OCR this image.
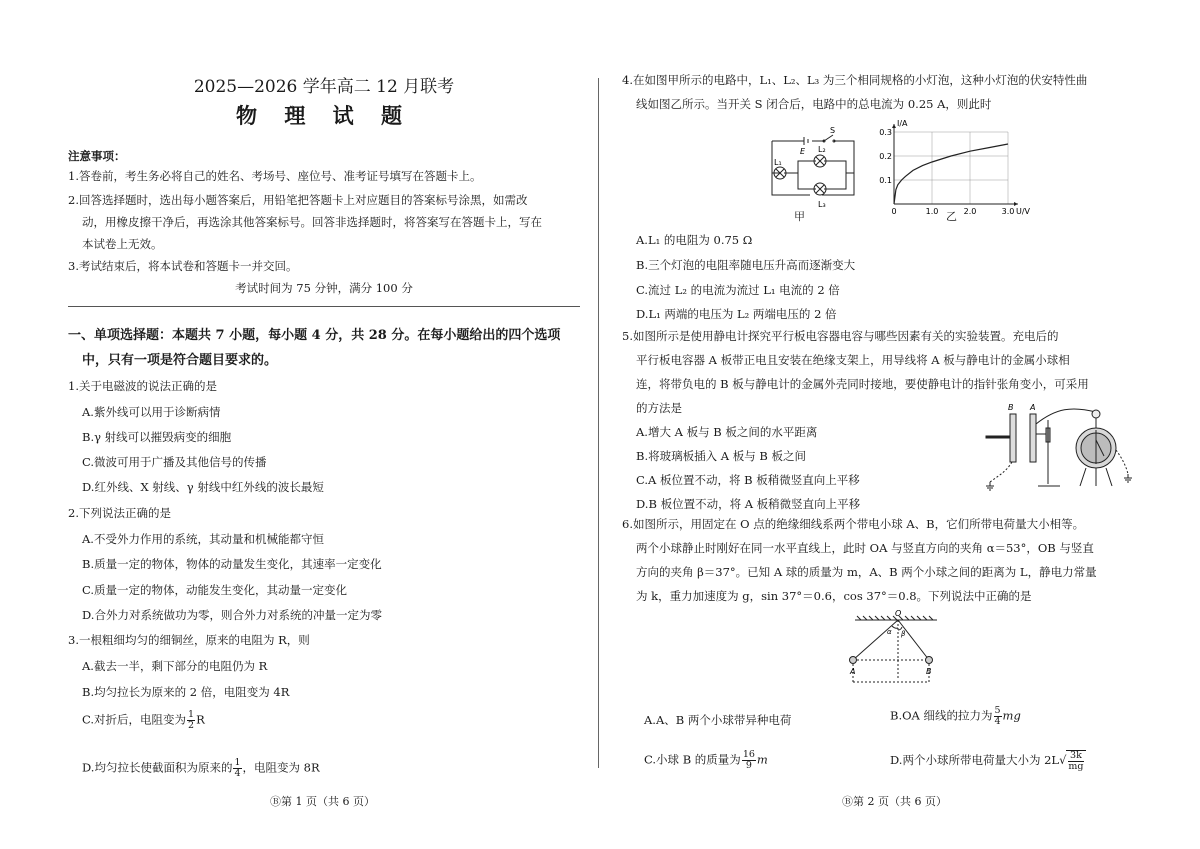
2025—2026 学年高二 12 月联考
物 理 试 题
注意事项：
1.答卷前，考生务必将自己的姓名、考场号、座位号、准考证号填写在答题卡上。
2.回答选择题时，选出每小题答案后，用铅笔把答题卡上对应题目的答案标号涂黑，如需改
动，用橡皮擦干净后，再选涂其他答案标号。回答非选择题时，将答案写在答题卡上，写在
本试卷上无效。
3.考试结束后，将本试卷和答题卡一并交回。
考试时间为 75 分钟，满分 100 分
一、单项选择题：本题共 7 小题，每小题 4 分，共 28 分。在每小题给出的四个选项
中，只有一项是符合题目要求的。
1.关于电磁波的说法正确的是
A.紫外线可以用于诊断病情
B.γ 射线可以摧毁病变的细胞
C.微波可用于广播及其他信号的传播
D.红外线、X 射线、γ 射线中红外线的波长最短
2.下列说法正确的是
A.不受外力作用的系统，其动量和机械能都守恒
B.质量一定的物体，物体的动量发生变化，其速率一定变化
C.质量一定的物体，动能发生变化，其动量一定变化
D.合外力对系统做功为零，则合外力对系统的冲量一定为零
3.一根粗细均匀的细铜丝，原来的电阻为 R，则
A.截去一半，剩下部分的电阻仍为 R
B.均匀拉长为原来的 2 倍，电阻变为 4R
C.对折后，电阻变为 $\frac{1}{2}$ R
D.均匀拉长使截面积为原来的 $\frac{1}{4}$ ，电阻变为 8R
Ⓑ第 1 页（共 6 页）
4.在如图甲所示的电路中，L₁、L₂、L₃ 为三个相同规格的小灯泡，这种小灯泡的伏安特性曲
线如图乙所示。当开关 S 闭合后，电路中的总电流为 0.25 A，则此时
E
S
L₁
L₂
L₃
甲	0	1.0	2.0	3.0
0.1
0.2
0.3
I/A
U/V
乙
A.L₁ 的电阻为 0.75 Ω
B.三个灯泡的电阻率随电压升高而逐渐变大
C.流过 L₂ 的电流为流过 L₁ 电流的 2 倍
D.L₁ 两端的电压为 L₂ 两端电压的 2 倍
5.如图所示是使用静电计探究平行板电容器电容与哪些因素有关的实验装置。充电后的
平行板电容器 A 板带正电且安装在绝缘支架上，用导线将 A 板与静电计的金属小球相
连，将带负电的 B 板与静电计的金属外壳同时接地，要使静电计的指针张角变小，可采用
的方法是
A.增大 A 板与 B 板之间的水平距离
B.将玻璃板插入 A 板与 B 板之间
C.A 板位置不动，将 B 板稍微竖直向上平移
D.B 板位置不动，将 A 板稍微竖直向上平移
B A
6.如图所示，用固定在 O 点的绝缘细线系两个带电小球 A、B，它们所带电荷量大小相等。
两个小球静止时刚好在同一水平直线上，此时 OA 与竖直方向的夹角 α＝53°，OB 与竖直
方向的夹角 β＝37°。已知 A 球的质量为 m，A、B 两个小球之间的距离为 L，静电力常量
为 k，重力加速度为 g，sin 37°＝0.6，cos 37°＝0.8。下列说法中正确的是
O
α β
A	B
A.A、B 两个小球带异种电荷	B.OA 细线的拉力为 $\frac{5}{4}$ mg
C.小球 B 的质量为 $\frac{16}{9}$ m	D.两个小球所带电荷量大小为 $2L√ \frac{3k}{mg}$
Ⓑ第 2 页（共 6 页）
